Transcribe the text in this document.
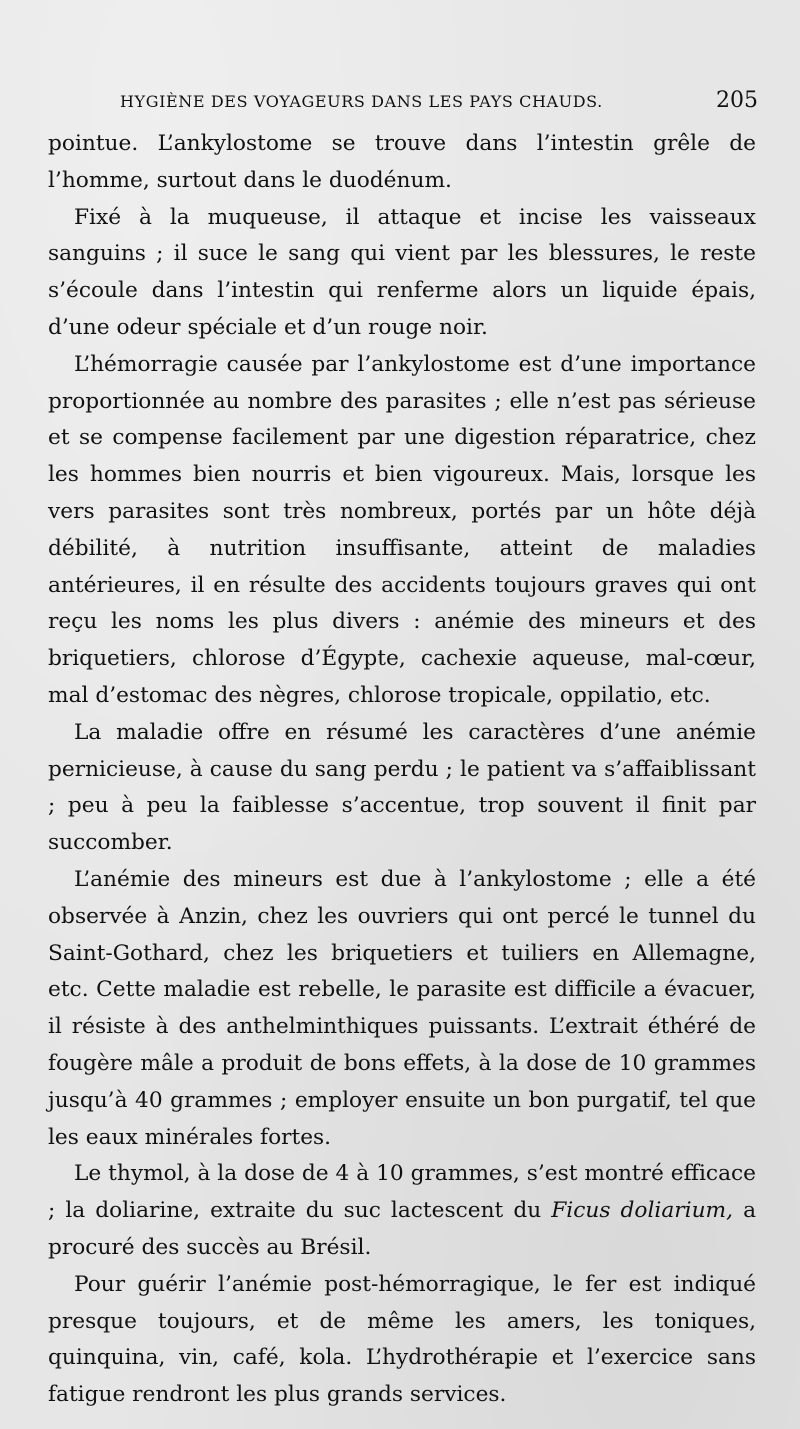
HYGIÈNE DES VOYAGEURS DANS LES PAYS CHAUDS.	205

pointue. L’ankylostome se trouve dans l’intestin grêle de l’homme, surtout dans le duodénum.

Fixé à la muqueuse, il attaque et incise les vaisseaux sanguins ; il suce le sang qui vient par les blessures, le reste s’écoule dans l’intestin qui renferme alors un liquide épais, d’une odeur spéciale et d’un rouge noir.

L’hémorragie causée par l’ankylostome est d’une importance proportionnée au nombre des parasites ; elle n’est pas sérieuse et se compense facilement par une digestion réparatrice, chez les hommes bien nourris et bien vigoureux. Mais, lorsque les vers parasites sont très nombreux, portés par un hôte déjà débilité, à nutrition insuffisante, atteint de maladies antérieures, il en résulte des accidents toujours graves qui ont reçu les noms les plus divers : anémie des mineurs et des briquetiers, chlorose d’Égypte, cachexie aqueuse, mal-cœur, mal d’estomac des nègres, chlorose tropicale, oppilatio, etc.

La maladie offre en résumé les caractères d’une anémie pernicieuse, à cause du sang perdu ; le patient va s’affaiblissant ; peu à peu la faiblesse s’accentue, trop souvent il finit par succomber.

L’anémie des mineurs est due à l’ankylostome ; elle a été observée à Anzin, chez les ouvriers qui ont percé le tunnel du Saint-Gothard, chez les briquetiers et tuiliers en Allemagne, etc. Cette maladie est rebelle, le parasite est difficile a évacuer, il résiste à des anthelminthiques puissants. L’extrait éthéré de fougère mâle a produit de bons effets, à la dose de 10 grammes jusqu’à 40 grammes ; employer ensuite un bon purgatif, tel que les eaux minérales fortes.

Le thymol, à la dose de 4 à 10 grammes, s’est montré efficace ; la doliarine, extraite du suc lactescent du Ficus doliarium, a procuré des succès au Brésil.

Pour guérir l’anémie post-hémorragique, le fer est indiqué presque toujours, et de même les amers, les toniques, quinquina, vin, café, kola. L’hydrothérapie et l’exercice sans fatigue rendront les plus grands services.
